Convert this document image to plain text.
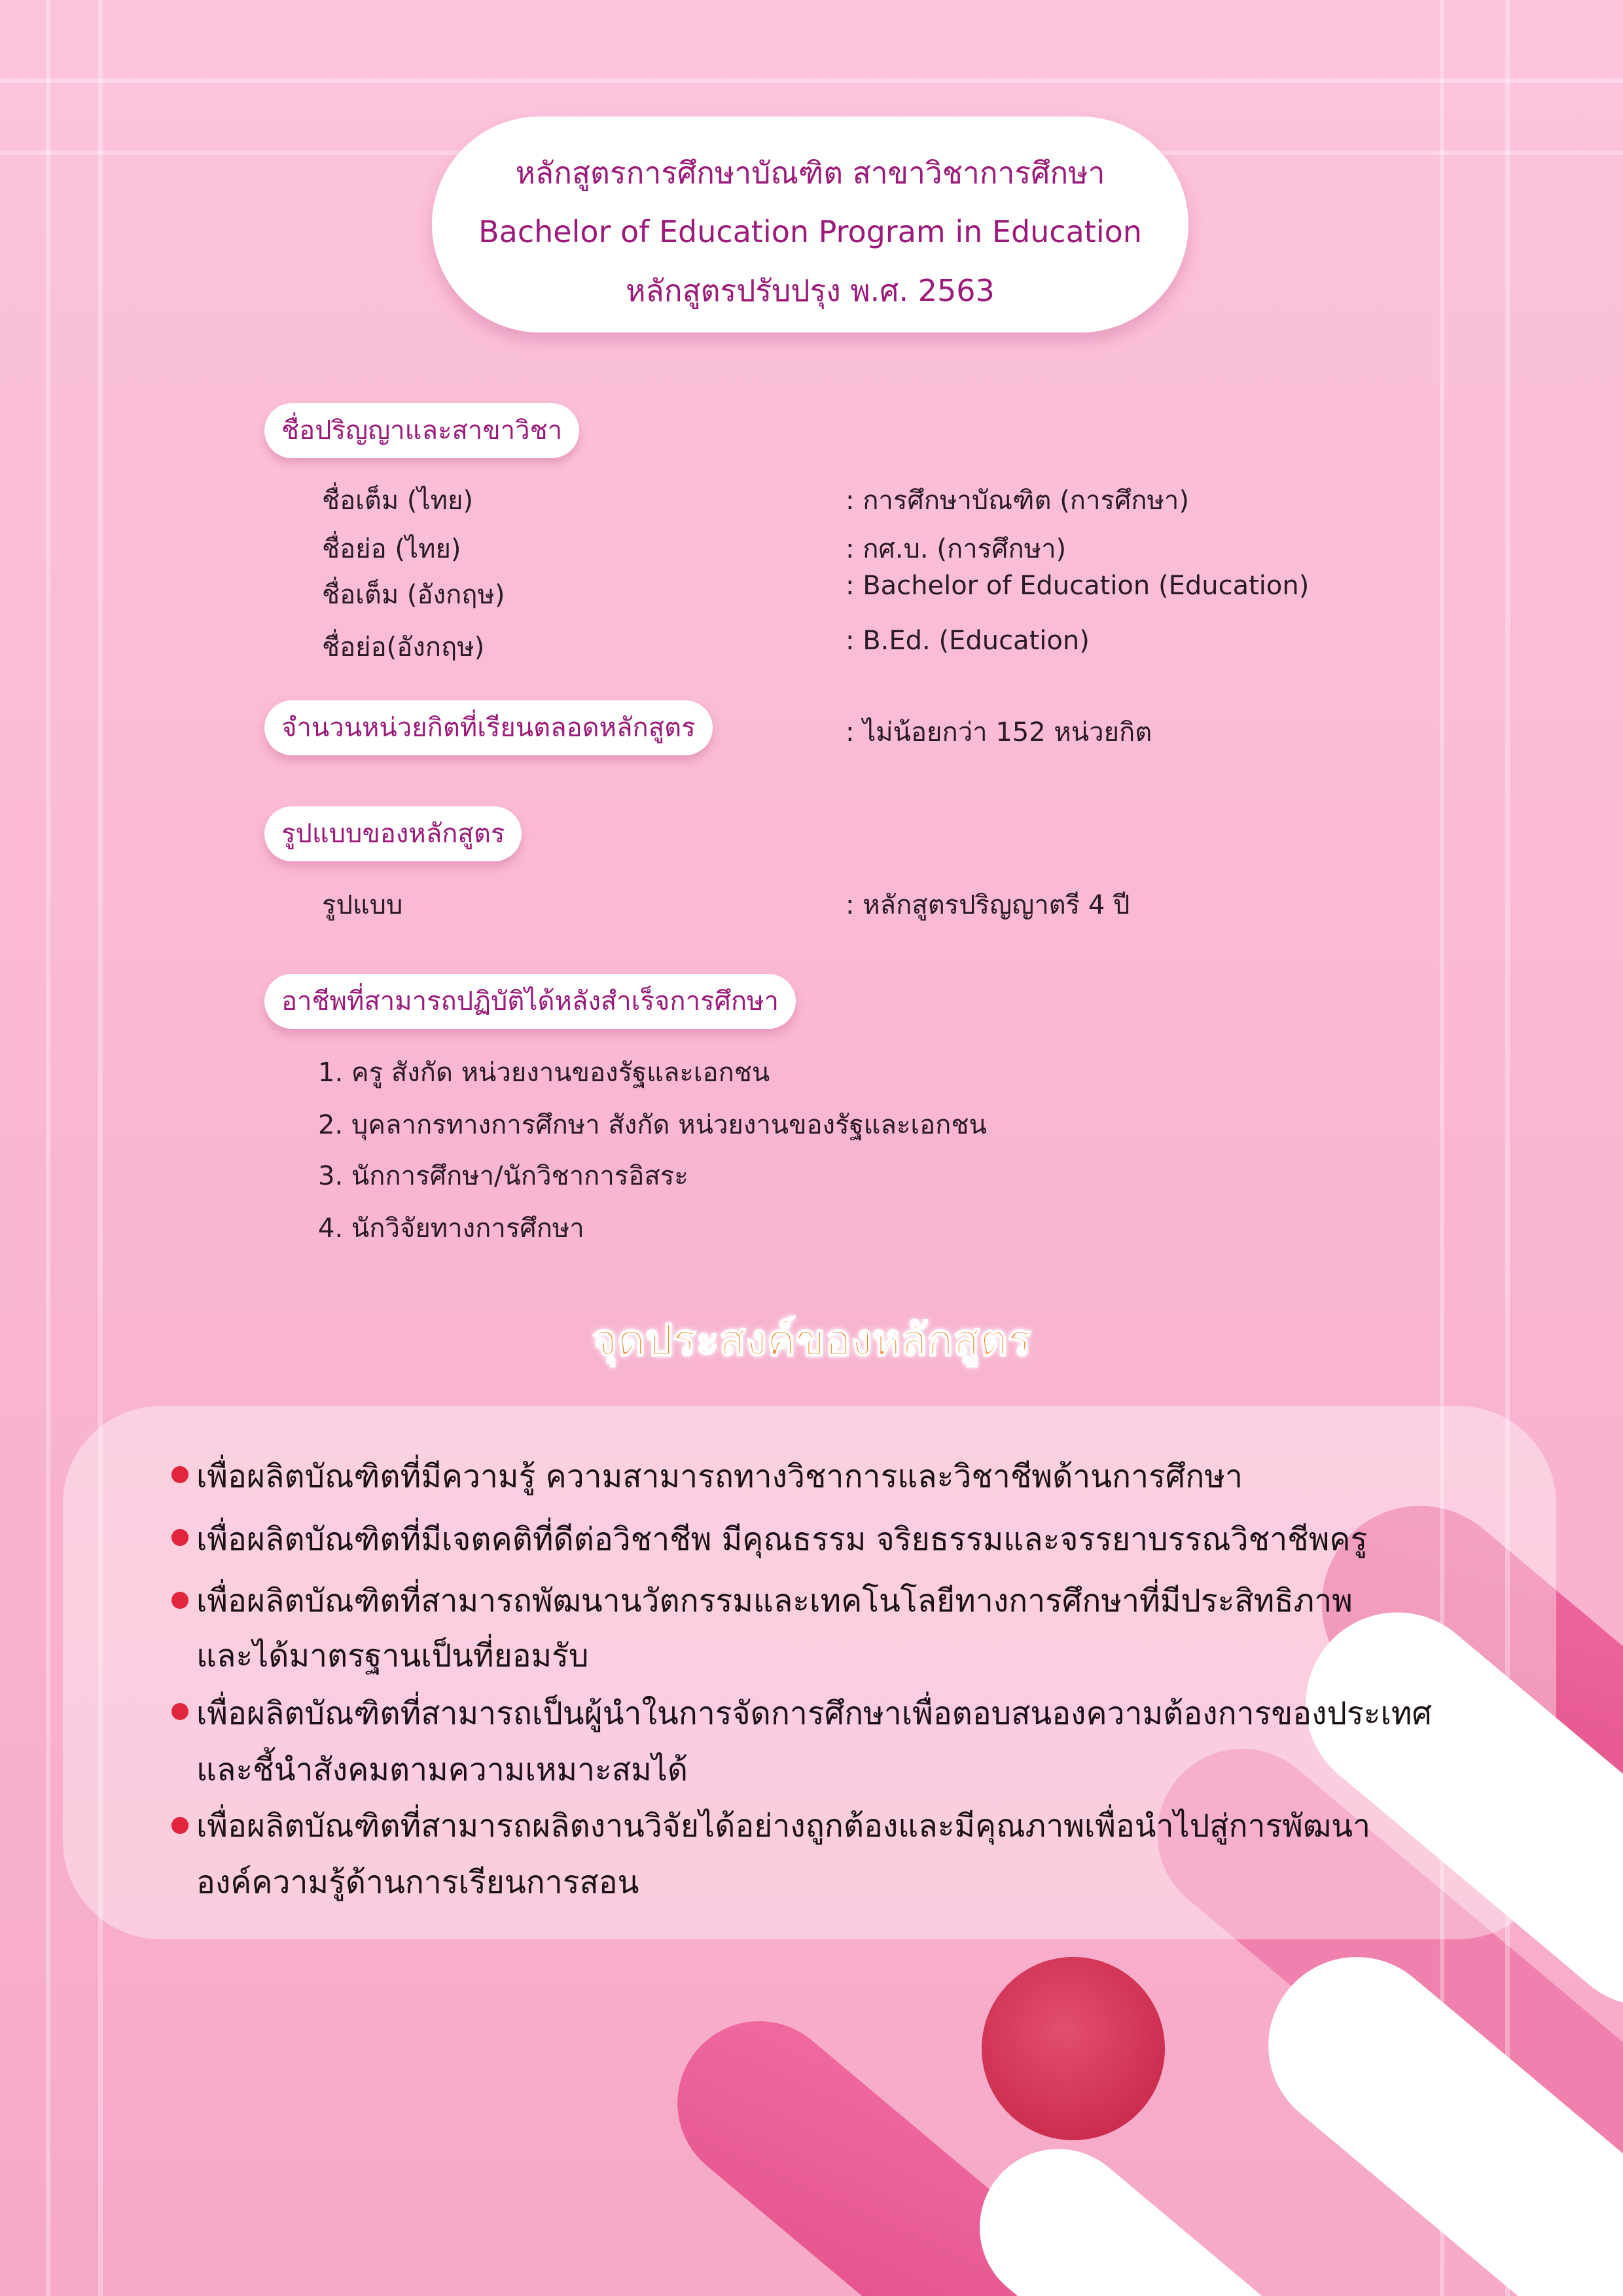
หลักสูตรการศึกษาบัณฑิต สาขาวิชาการศึกษา
Bachelor of Education Program in Education
หลักสูตรปรับปรุง พ.ศ. 2563
ชื่อปริญญาและสาขาวิชา
ชื่อเต็ม (ไทย)	: การศึกษาบัณฑิต (การศึกษา)
ชื่อย่อ (ไทย)	: กศ.บ. (การศึกษา)
ชื่อเต็ม (อังกฤษ)	: Bachelor of Education (Education)
ชื่อย่อ(อังกฤษ)	: B.Ed. (Education)
จำนวนหน่วยกิตที่เรียนตลอดหลักสูตร	: ไม่น้อยกว่า 152 หน่วยกิต
รูปแบบของหลักสูตร
รูปแบบ	: หลักสูตรปริญญาตรี 4 ปี
อาชีพที่สามารถปฏิบัติได้หลังสำเร็จการศึกษา
1. ครู สังกัด หน่วยงานของรัฐและเอกชน
2. บุคลากรทางการศึกษา สังกัด หน่วยงานของรัฐและเอกชน
3. นักการศึกษา/นักวิชาการอิสระ
4. นักวิจัยทางการศึกษา
จุดประสงค์ของหลักสูตร
เพื่อผลิตบัณฑิตที่มีความรู้ ความสามารถทางวิชาการและวิชาชีพด้านการศึกษา
เพื่อผลิตบัณฑิตที่มีเจตคติที่ดีต่อวิชาชีพ มีคุณธรรม จริยธรรมและจรรยาบรรณวิชาชีพครู
เพื่อผลิตบัณฑิตที่สามารถพัฒนานวัตกรรมและเทคโนโลยีทางการศึกษาที่มีประสิทธิภาพ
และได้มาตรฐานเป็นที่ยอมรับ
เพื่อผลิตบัณฑิตที่สามารถเป็นผู้นำในการจัดการศึกษาเพื่อตอบสนองความต้องการของประเทศ
และชี้นำสังคมตามความเหมาะสมได้
เพื่อผลิตบัณฑิตที่สามารถผลิตงานวิจัยได้อย่างถูกต้องและมีคุณภาพเพื่อนำไปสู่การพัฒนา
องค์ความรู้ด้านการเรียนการสอน
